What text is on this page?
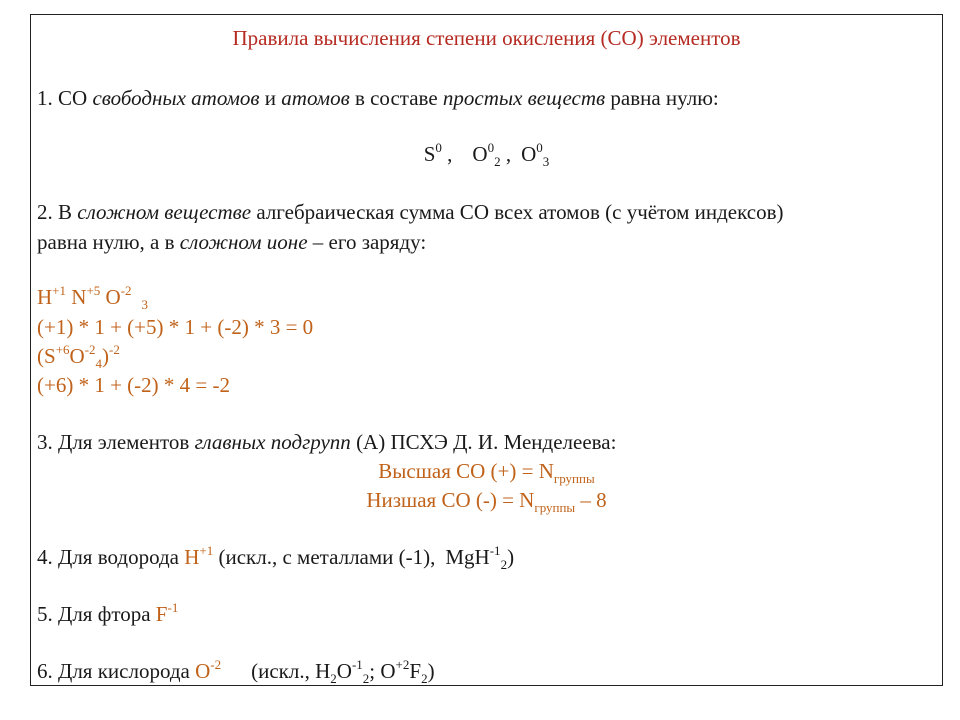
Правила вычисления степени окисления (СО) элементов
1. СО свободных атомов и атомов в составе простых веществ равна нулю:
$S^0$ , $O^0_2$ , $O^0_3$
2. В сложном веществе алгебраическая сумма СО всех атомов (с учётом индексов)
равна нулю, а в сложном ионе – его заряду:
$H^{+1}$ $N^{+5}$ $O^{-2}_3$
(+1) * 1 + (+5) * 1 + (-2) * 3 = 0
$(S^{+6}O^{-2}_4)^{-2}$
(+6) * 1 + (-2) * 4 = -2
3. Для элементов главных подгрупп (А) ПСХЭ Д. И. Менделеева:
Высшая СО (+) = $N_{группы}$
Низшая СО (-) = $N_{группы} - 8$
4. Для водорода $H^{+1}$ (искл., с металлами (-1), MgH$^{-1}_2$)
5. Для фтора $F^{-1}$
6. Для кислорода $O^{-2}$ (искл., $H_2O^{-1}_2$; $O^{+2}F_2$)
